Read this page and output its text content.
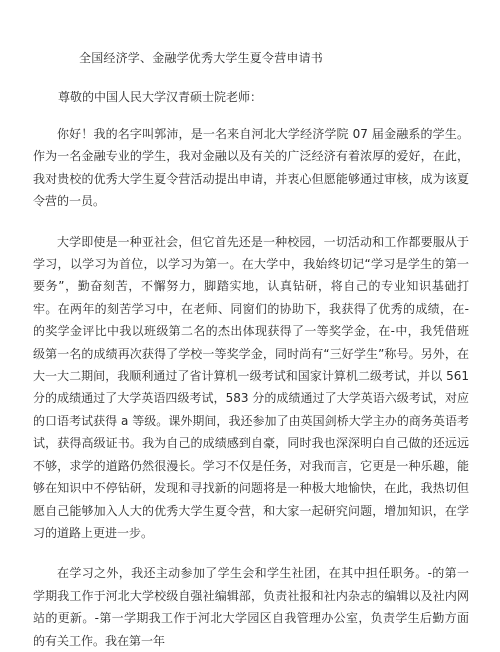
全国经济学、金融学优秀大学生夏令营申请书
尊敬的中国人民大学汉青硕士院老师：

你好！我的名字叫郭沛，是一名来自河北大学经济学院 07 届金融系的学生。作为一名金融专业的学生，我对金融以及有关的广泛经济有着浓厚的爱好，在此，我对贵校的优秀大学生夏令营活动提出申请，并衷心但愿能够通过审核，成为该夏令营的一员。

大学即使是一种亚社会，但它首先还是一种校园，一切活动和工作都要服从于学习，以学习为首位，以学习为第一。在大学中，我始终切记“学习是学生的第一要务”，勤奋刻苦，不懈努力，脚踏实地，认真钻研，将自己的专业知识基础打牢。在两年的刻苦学习中，在老师、同窗们的协助下，我获得了优秀的成绩，在-的奖学金评比中我以班级第二名的杰出体现获得了一等奖学金，在-中，我凭借班级第一名的成绩再次获得了学校一等奖学金，同时尚有“三好学生”称号。另外，在大一大二期间，我顺利通过了省计算机一级考试和国家计算机二级考试，并以 561 分的成绩通过了大学英语四级考试，583 分的成绩通过了大学英语六级考试，对应的口语考试获得 a 等级。课外期间，我还参加了由英国剑桥大学主办的商务英语考试，获得高级证书。我为自己的成绩感到自豪，同时我也深深明白自己做的还远远不够，求学的道路仍然很漫长。学习不仅是任务，对我而言，它更是一种乐趣，能够在知识中不停钻研，发现和寻找新的问题将是一种极大地愉快，在此，我热切但愿自己能够加入人大的优秀大学生夏令营，和大家一起研究问题，增加知识，在学习的道路上更进一步。

在学习之外，我还主动参加了学生会和学生社团，在其中担任职务。-的第一学期我工作于河北大学校级自强社编辑部，负责社报和社内杂志的编辑以及社内网站的更新。-第一学期我工作于河北大学园区自我管理办公室，负责学生后勤方面的有关工作。我在第一年
